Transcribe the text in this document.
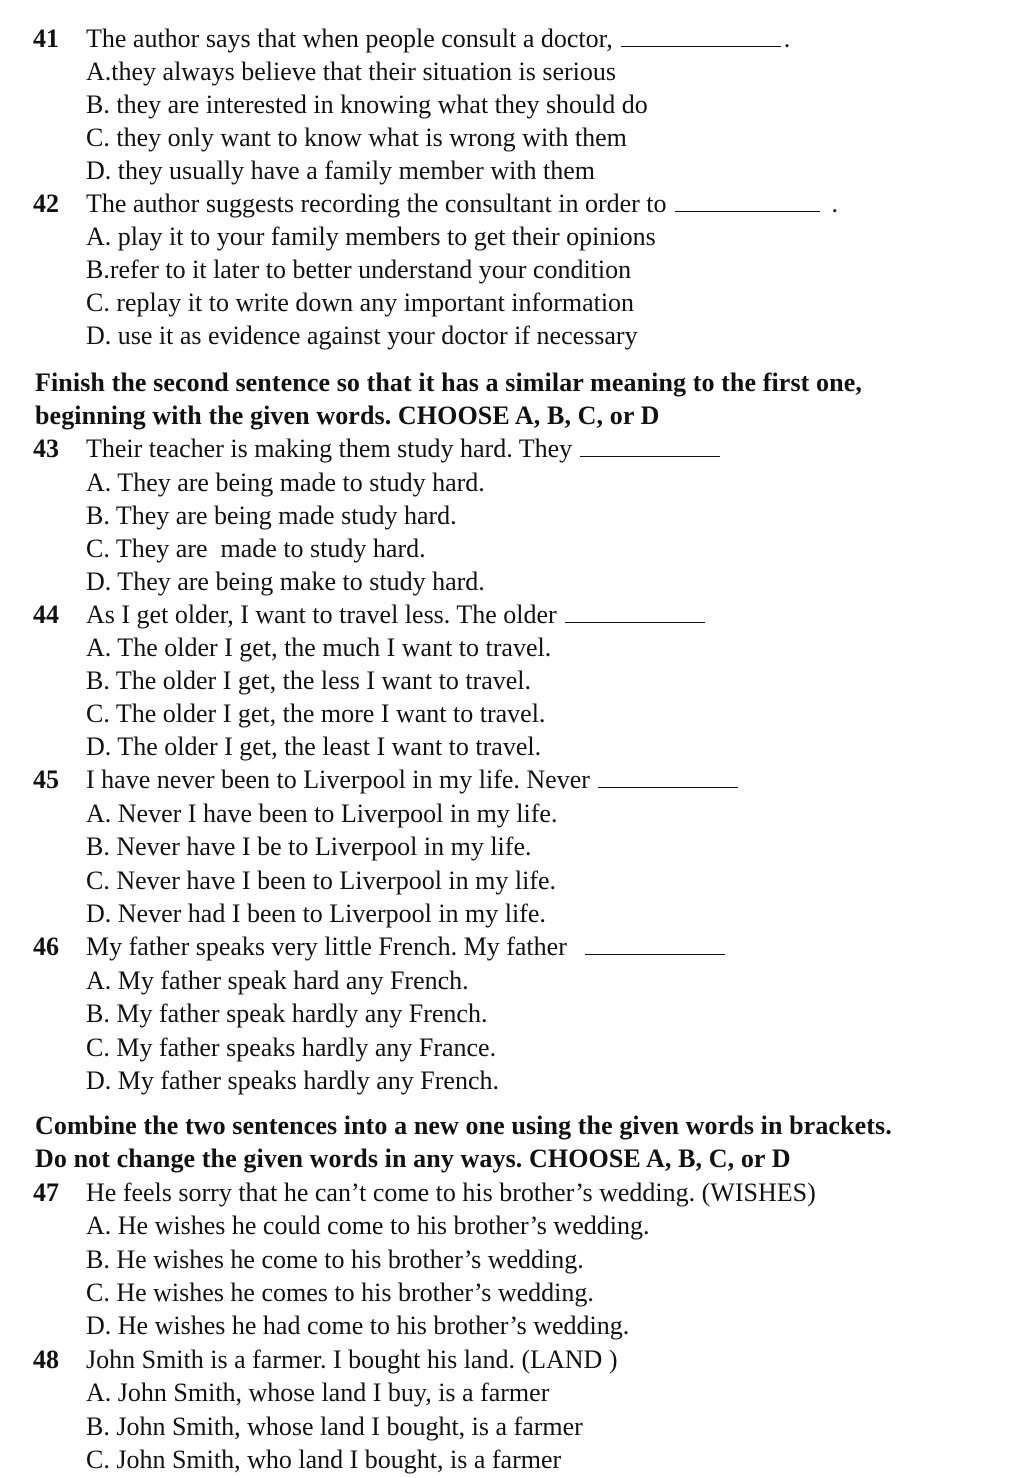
41 The author says that when people consult a doctor,	.
A.they always believe that their situation is serious
B. they are interested in knowing what they should do
C. they only want to know what is wrong with them
D. they usually have a family member with them
42 The author suggests recording the consultant in order to	.
A. play it to your family members to get their opinions
B.refer to it later to better understand your condition
C. replay it to write down any important information
D. use it as evidence against your doctor if necessary
Finish the second sentence so that it has a similar meaning to the first one,
beginning with the given words. CHOOSE A, B, C, or D
43 Their teacher is making them study hard. They
A. They are being made to study hard.
B. They are being made study hard.
C. They are  made to study hard.
D. They are being make to study hard.
44 As I get older, I want to travel less. The older
A. The older I get, the much I want to travel.
B. The older I get, the less I want to travel.
C. The older I get, the more I want to travel.
D. The older I get, the least I want to travel.
45 I have never been to Liverpool in my life. Never
A. Never I have been to Liverpool in my life.
B. Never have I be to Liverpool in my life.
C. Never have I been to Liverpool in my life.
D. Never had I been to Liverpool in my life.
46 My father speaks very little French. My father
A. My father speak hard any French.
B. My father speak hardly any French.
C. My father speaks hardly any France.
D. My father speaks hardly any French.
Combine the two sentences into a new one using the given words in brackets.
Do not change the given words in any ways. CHOOSE A, B, C, or D
47 He feels sorry that he can’t come to his brother’s wedding. (WISHES)
A. He wishes he could come to his brother’s wedding.
B. He wishes he come to his brother’s wedding.
C. He wishes he comes to his brother’s wedding.
D. He wishes he had come to his brother’s wedding.
48 John Smith is a farmer. I bought his land. (LAND )
A. John Smith, whose land I buy, is a farmer
B. John Smith, whose land I bought, is a farmer
C. John Smith, who land I bought, is a farmer
